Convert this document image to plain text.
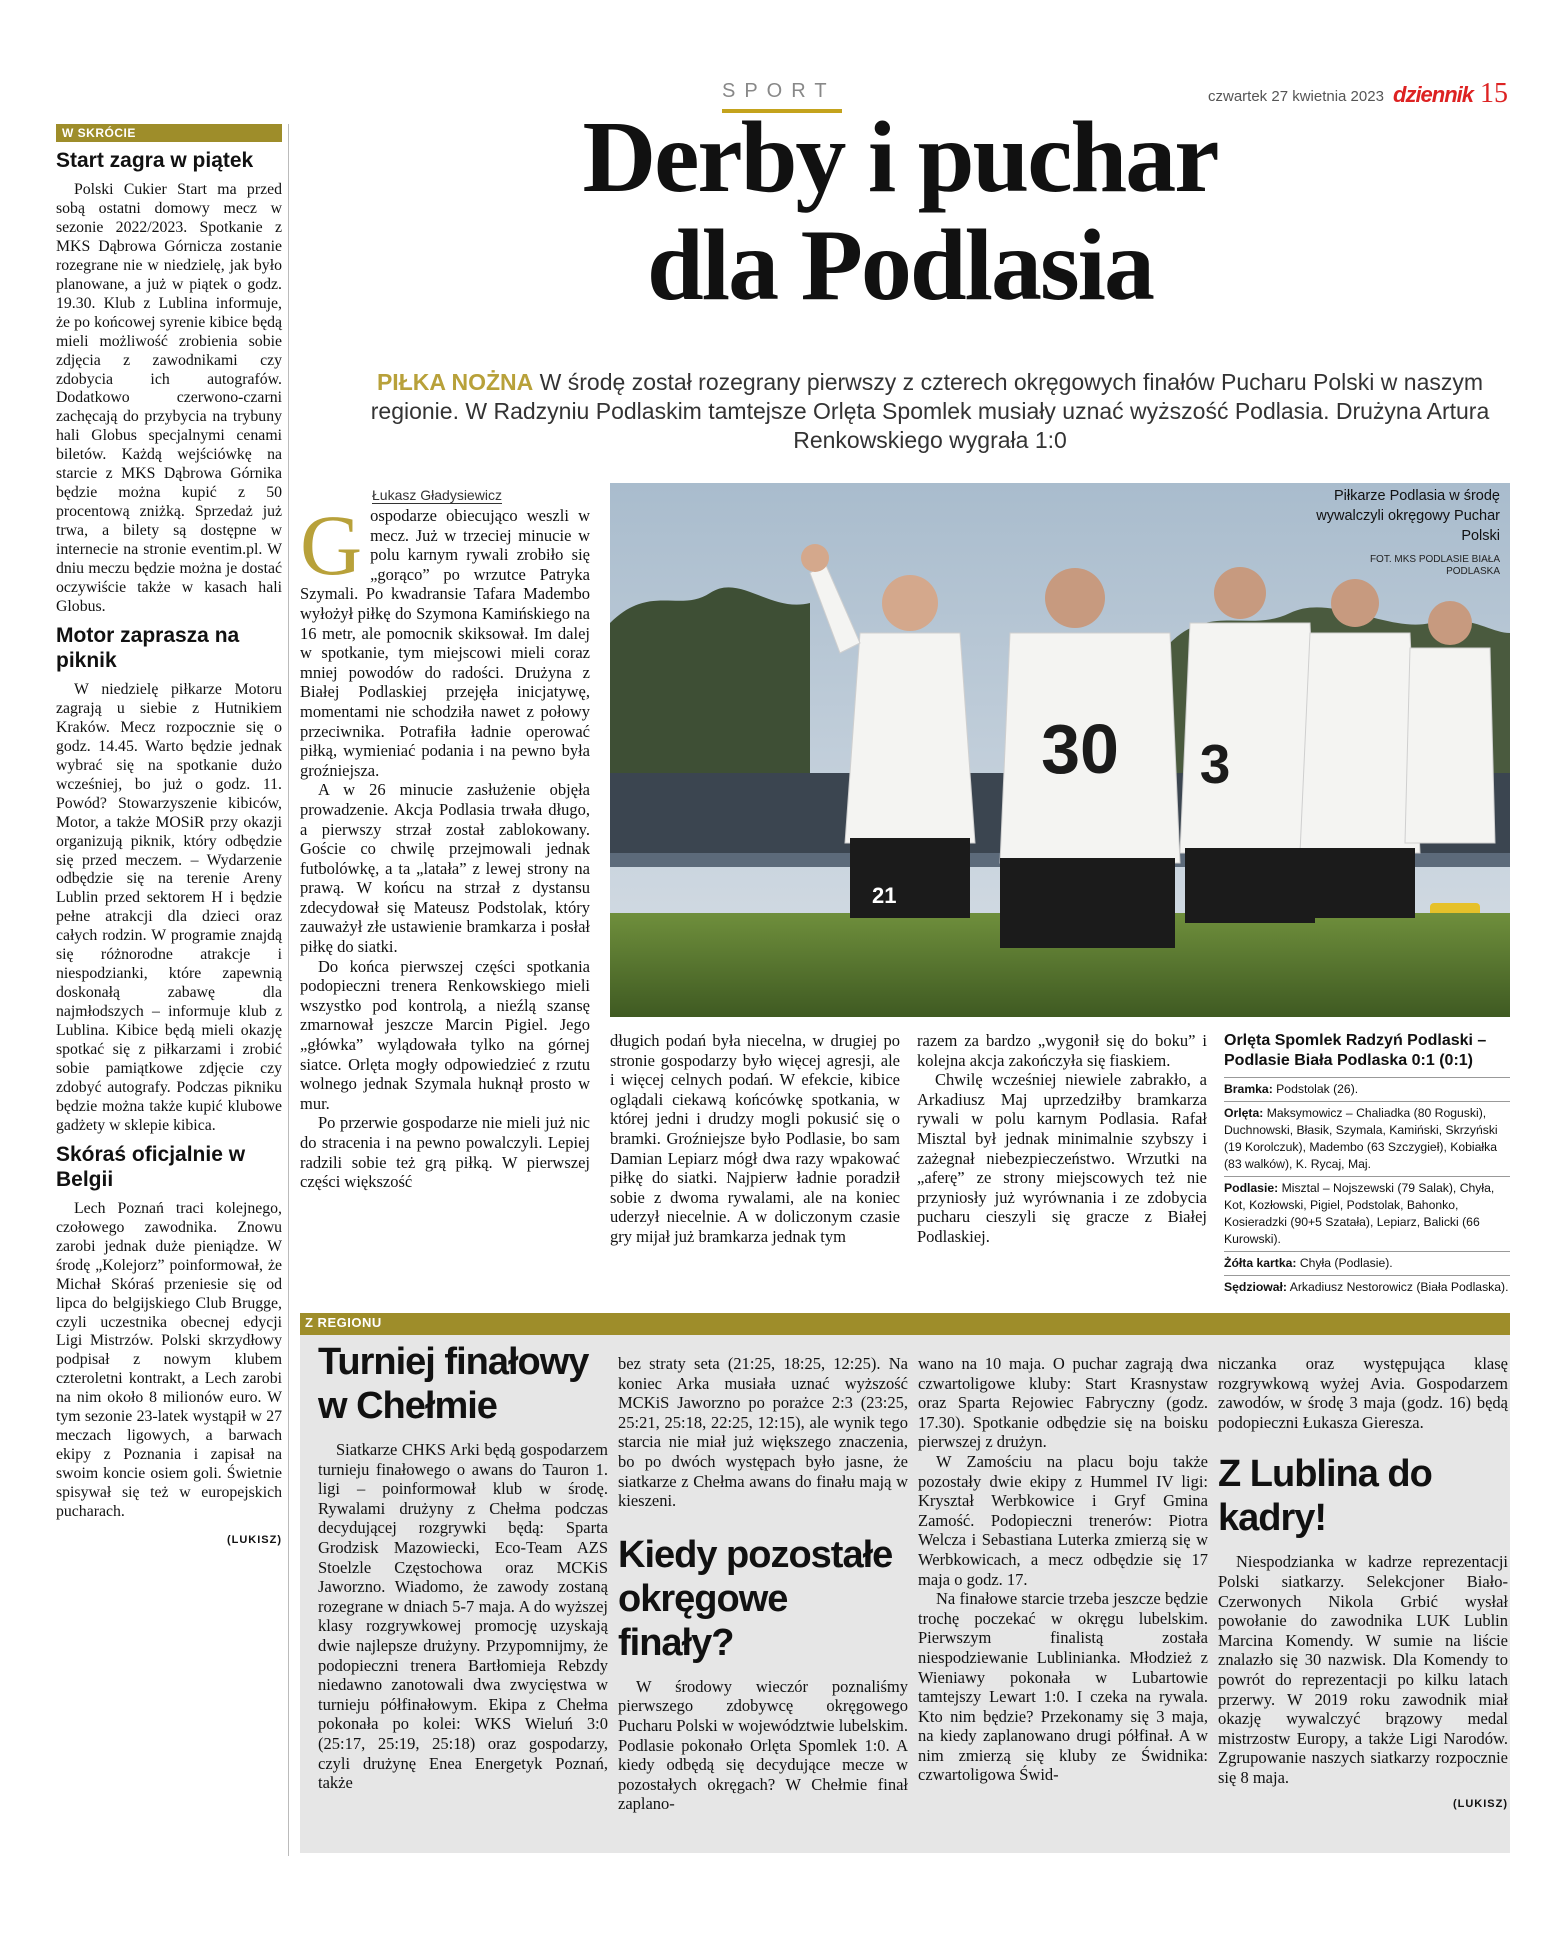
SPORT	czwartek 27 kwietnia 2023 dziennik 15
W SKRÓCIE
Start zagra w piątek

Polski Cukier Start ma przed sobą ostatni domowy mecz w sezonie 2022/2023. Spotkanie z MKS Dąbrowa Górnicza zostanie rozegrane nie w niedzielę, jak było planowane, a już w piątek o godz. 19.30. Klub z Lublina informuje, że po końcowej syrenie kibice będą mieli możliwość zrobienia sobie zdjęcia z zawodnikami czy zdobycia ich autografów. Dodatkowo czerwono-czarni zachęcają do przybycia na trybuny hali Globus specjalnymi cenami biletów. Każdą wejściówkę na starcie z MKS Dąbrowa Górnika będzie można kupić z 50 procentową zniżką. Sprzedaż już trwa, a bilety są dostępne w internecie na stronie eventim.pl. W dniu meczu będzie można je dostać oczywiście także w kasach hali Globus.

Motor zaprasza na piknik

W niedzielę piłkarze Motoru zagrają u siebie z Hutnikiem Kraków. Mecz rozpocznie się o godz. 14.45. Warto będzie jednak wybrać się na spotkanie dużo wcześniej, bo już o godz. 11. Powód? Stowarzyszenie kibiców, Motor, a także MOSiR przy okazji organizują piknik, który odbędzie się przed meczem. – Wydarzenie odbędzie się na terenie Areny Lublin przed sektorem H i będzie pełne atrakcji dla dzieci oraz całych rodzin. W programie znajdą się różnorodne atrakcje i niespodzianki, które zapewnią doskonałą zabawę dla najmłodszych – informuje klub z Lublina. Kibice będą mieli okazję spotkać się z piłkarzami i zrobić sobie pamiątkowe zdjęcie czy zdobyć autografy. Podczas pikniku będzie można także kupić klubowe gadżety w sklepie kibica.

Skóraś oficjalnie w Belgii

Lech Poznań traci kolejnego, czołowego zawodnika. Znowu zarobi jednak duże pieniądze. W środę „Kolejorz” poinformował, że Michał Skóraś przeniesie się od lipca do belgijskiego Club Brugge, czyli uczestnika obecnej edycji Ligi Mistrzów. Polski skrzydłowy podpisał z nowym klubem czteroletni kontrakt, a Lech zarobi na nim około 8 milionów euro. W tym sezonie 23-latek wystąpił w 27 meczach ligowych, a barwach ekipy z Poznania i zapisał na swoim koncie osiem goli. Świetnie spisywał się też w europejskich pucharach.

(LUKISZ)
Derby i puchar
dla Podlasia
PIŁKA NOŻNA W środę został rozegrany pierwszy z czterech okręgowych finałów Pucharu Polski w naszym regionie. W Radzyniu Podlaskim tamtejsze Orlęta Spomlek musiały uznać wyższość Podlasia. Drużyna Artura Renkowskiego wygrała 1:0
Łukasz Gładysiewicz

Gospodarze obiecująco weszli w mecz. Już w trzeciej minucie w polu karnym rywali zrobiło się „gorąco” po wrzutce Patryka Szymali. Po kwadransie Tafara Madembo wyłożył piłkę do Szymona Kamińskiego na 16 metr, ale pomocnik skiksował. Im dalej w spotkanie, tym miejscowi mieli coraz mniej powodów do radości. Drużyna z Białej Podlaskiej przejęła inicjatywę, momentami nie schodziła nawet z połowy przeciwnika. Potrafiła ładnie operować piłką, wymieniać podania i na pewno była groźniejsza.

A w 26 minucie zasłużenie objęła prowadzenie. Akcja Podlasia trwała długo, a pierwszy strzał został zablokowany. Goście co chwilę przejmowali jednak futbolówkę, a ta „latała” z lewej strony na prawą. W końcu na strzał z dystansu zdecydował się Mateusz Podstolak, który zauważył złe ustawienie bramkarza i posłał piłkę do siatki.

Do końca pierwszej części spotkania podopieczni trenera Renkowskiego mieli wszystko pod kontrolą, a nieźlą szansę zmarnował jeszcze Marcin Pigiel. Jego „główka” wylądowała tylko na górnej siatce. Orlęta mogły odpowiedzieć z rzutu wolnego jednak Szymala huknął prosto w mur.

Po przerwie gospodarze nie mieli już nic do stracenia i na pewno powalczyli. Lepiej radzili sobie też grą piłką. W pierwszej części większość

30 3
21
Piłkarze Podlasia w środę wywalczyli okręgowy Puchar Polski
FOT. MKS PODLASIE BIAŁA PODLASKA

długich podań była niecelna, w drugiej po stronie gospodarzy było więcej agresji, ale i więcej celnych podań. W efekcie, kibice oglądali ciekawą końcówkę spotkania, w której jedni i drudzy mogli pokusić się o bramki. Groźniejsze było Podlasie, bo sam Damian Lepiarz mógł dwa razy wpakować piłkę do siatki. Najpierw ładnie poradził sobie z dwoma rywalami, ale na koniec uderzył niecelnie. A w doliczonym czasie gry mijał już bramkarza jednak tym

razem za bardzo „wygonił się do boku” i kolejna akcja zakończyła się fiaskiem.

Chwilę wcześniej niewiele zabrakło, a Arkadiusz Maj uprzedziłby bramkarza rywali w polu karnym Podlasia. Rafał Misztal był jednak minimalnie szybszy i zażegnał niebezpieczeństwo. Wrzutki na „aferę” ze strony miejscowych też nie przyniosły już wyrównania i ze zdobycia pucharu cieszyli się gracze z Białej Podlaskiej.

Orlęta Spomlek Radzyń Podlaski – Podlasie Biała Podlaska 0:1 (0:1)
Bramka: Podstolak (26).
Orlęta: Maksymowicz – Chaliadka (80 Roguski), Duchnowski, Błasik, Szymala, Kamiński, Skrzyński (19 Korolczuk), Madembo (63 Szczygieł), Kobiałka (83 walków), K. Rycaj, Maj.
Podlasie: Misztal – Nojszewski (79 Salak), Chyła, Kot, Kozłowski, Pigiel, Podstolak, Bahonko, Kosieradzki (90+5 Szatała), Lepiarz, Balicki (66 Kurowski).
Żółta kartka: Chyła (Podlasie).
Sędziował: Arkadiusz Nestorowicz (Biała Podlaska).
Z REGIONU
Turniej finałowy w Chełmie

Siatkarze CHKS Arki będą gospodarzem turnieju finałowego o awans do Tauron 1. ligi – poinformował klub w środę. Rywalami drużyny z Chełma podczas decydującej rozgrywki będą: Sparta Grodzisk Mazowiecki, Eco-Team AZS Stoelzle Częstochowa oraz MCKiS Jaworzno. Wiadomo, że zawody zostaną rozegrane w dniach 5-7 maja. A do wyższej klasy rozgrywkowej promocję uzyskają dwie najlepsze drużyny. Przypomnijmy, że podopieczni trenera Bartłomieja Rebzdy niedawno zanotowali dwa zwycięstwa w turnieju półfinałowym. Ekipa z Chełma pokonała po kolei: WKS Wieluń 3:0 (25:17, 25:19, 25:18) oraz gospodarzy, czyli drużynę Enea Energetyk Poznań, także

bez straty seta (21:25, 18:25, 12:25). Na koniec Arka musiała uznać wyższość MCKiS Jaworzno po porażce 2:3 (23:25, 25:21, 25:18, 22:25, 12:15), ale wynik tego starcia nie miał już większego znaczenia, bo po dwóch występach było jasne, że siatkarze z Chełma awans do finału mają w kieszeni.

Kiedy pozostałe okręgowe finały?

W środowy wieczór poznaliśmy pierwszego zdobywcę okręgowego Pucharu Polski w województwie lubelskim. Podlasie pokonało Orlęta Spomlek 1:0. A kiedy odbędą się decydujące mecze w pozostałych okręgach? W Chełmie finał zaplano-

wano na 10 maja. O puchar zagrają dwa czwartoligowe kluby: Start Krasnystaw oraz Sparta Rejowiec Fabryczny (godz. 17.30). Spotkanie odbędzie się na boisku pierwszej z drużyn.

W Zamościu na placu boju także pozostały dwie ekipy z Hummel IV ligi: Kryształ Werbkowice i Gryf Gmina Zamość. Podopieczni trenerów: Piotra Welcza i Sebastiana Luterka zmierzą się w Werbkowicach, a mecz odbędzie się 17 maja o godz. 17.

Na finałowe starcie trzeba jeszcze będzie trochę poczekać w okręgu lubelskim. Pierwszym finalistą została niespodziewanie Lublinianka. Młodzież z Wieniawy pokonała w Lubartowie tamtejszy Lewart 1:0. I czeka na rywala. Kto nim będzie? Przekonamy się 3 maja, na kiedy zaplanowano drugi półfinał. A w nim zmierzą się kluby ze Świdnika: czwartoligowa Świd-

niczanka oraz występująca klasę rozgrywkową wyżej Avia. Gospodarzem zawodów, w środę 3 maja (godz. 16) będą podopieczni Łukasza Gieresza.

Z Lublina do kadry!

Niespodzianka w kadrze reprezentacji Polski siatkarzy. Selekcjoner Biało-Czerwonych Nikola Grbić wysłał powołanie do zawodnika LUK Lublin Marcina Komendy. W sumie na liście znalazło się 30 nazwisk. Dla Komendy to powrót do reprezentacji po kilku latach przerwy. W 2019 roku zawodnik miał okazję wywalczyć brązowy medal mistrzostw Europy, a także Ligi Narodów. Zgrupowanie naszych siatkarzy rozpocznie się 8 maja.

(LUKISZ)
